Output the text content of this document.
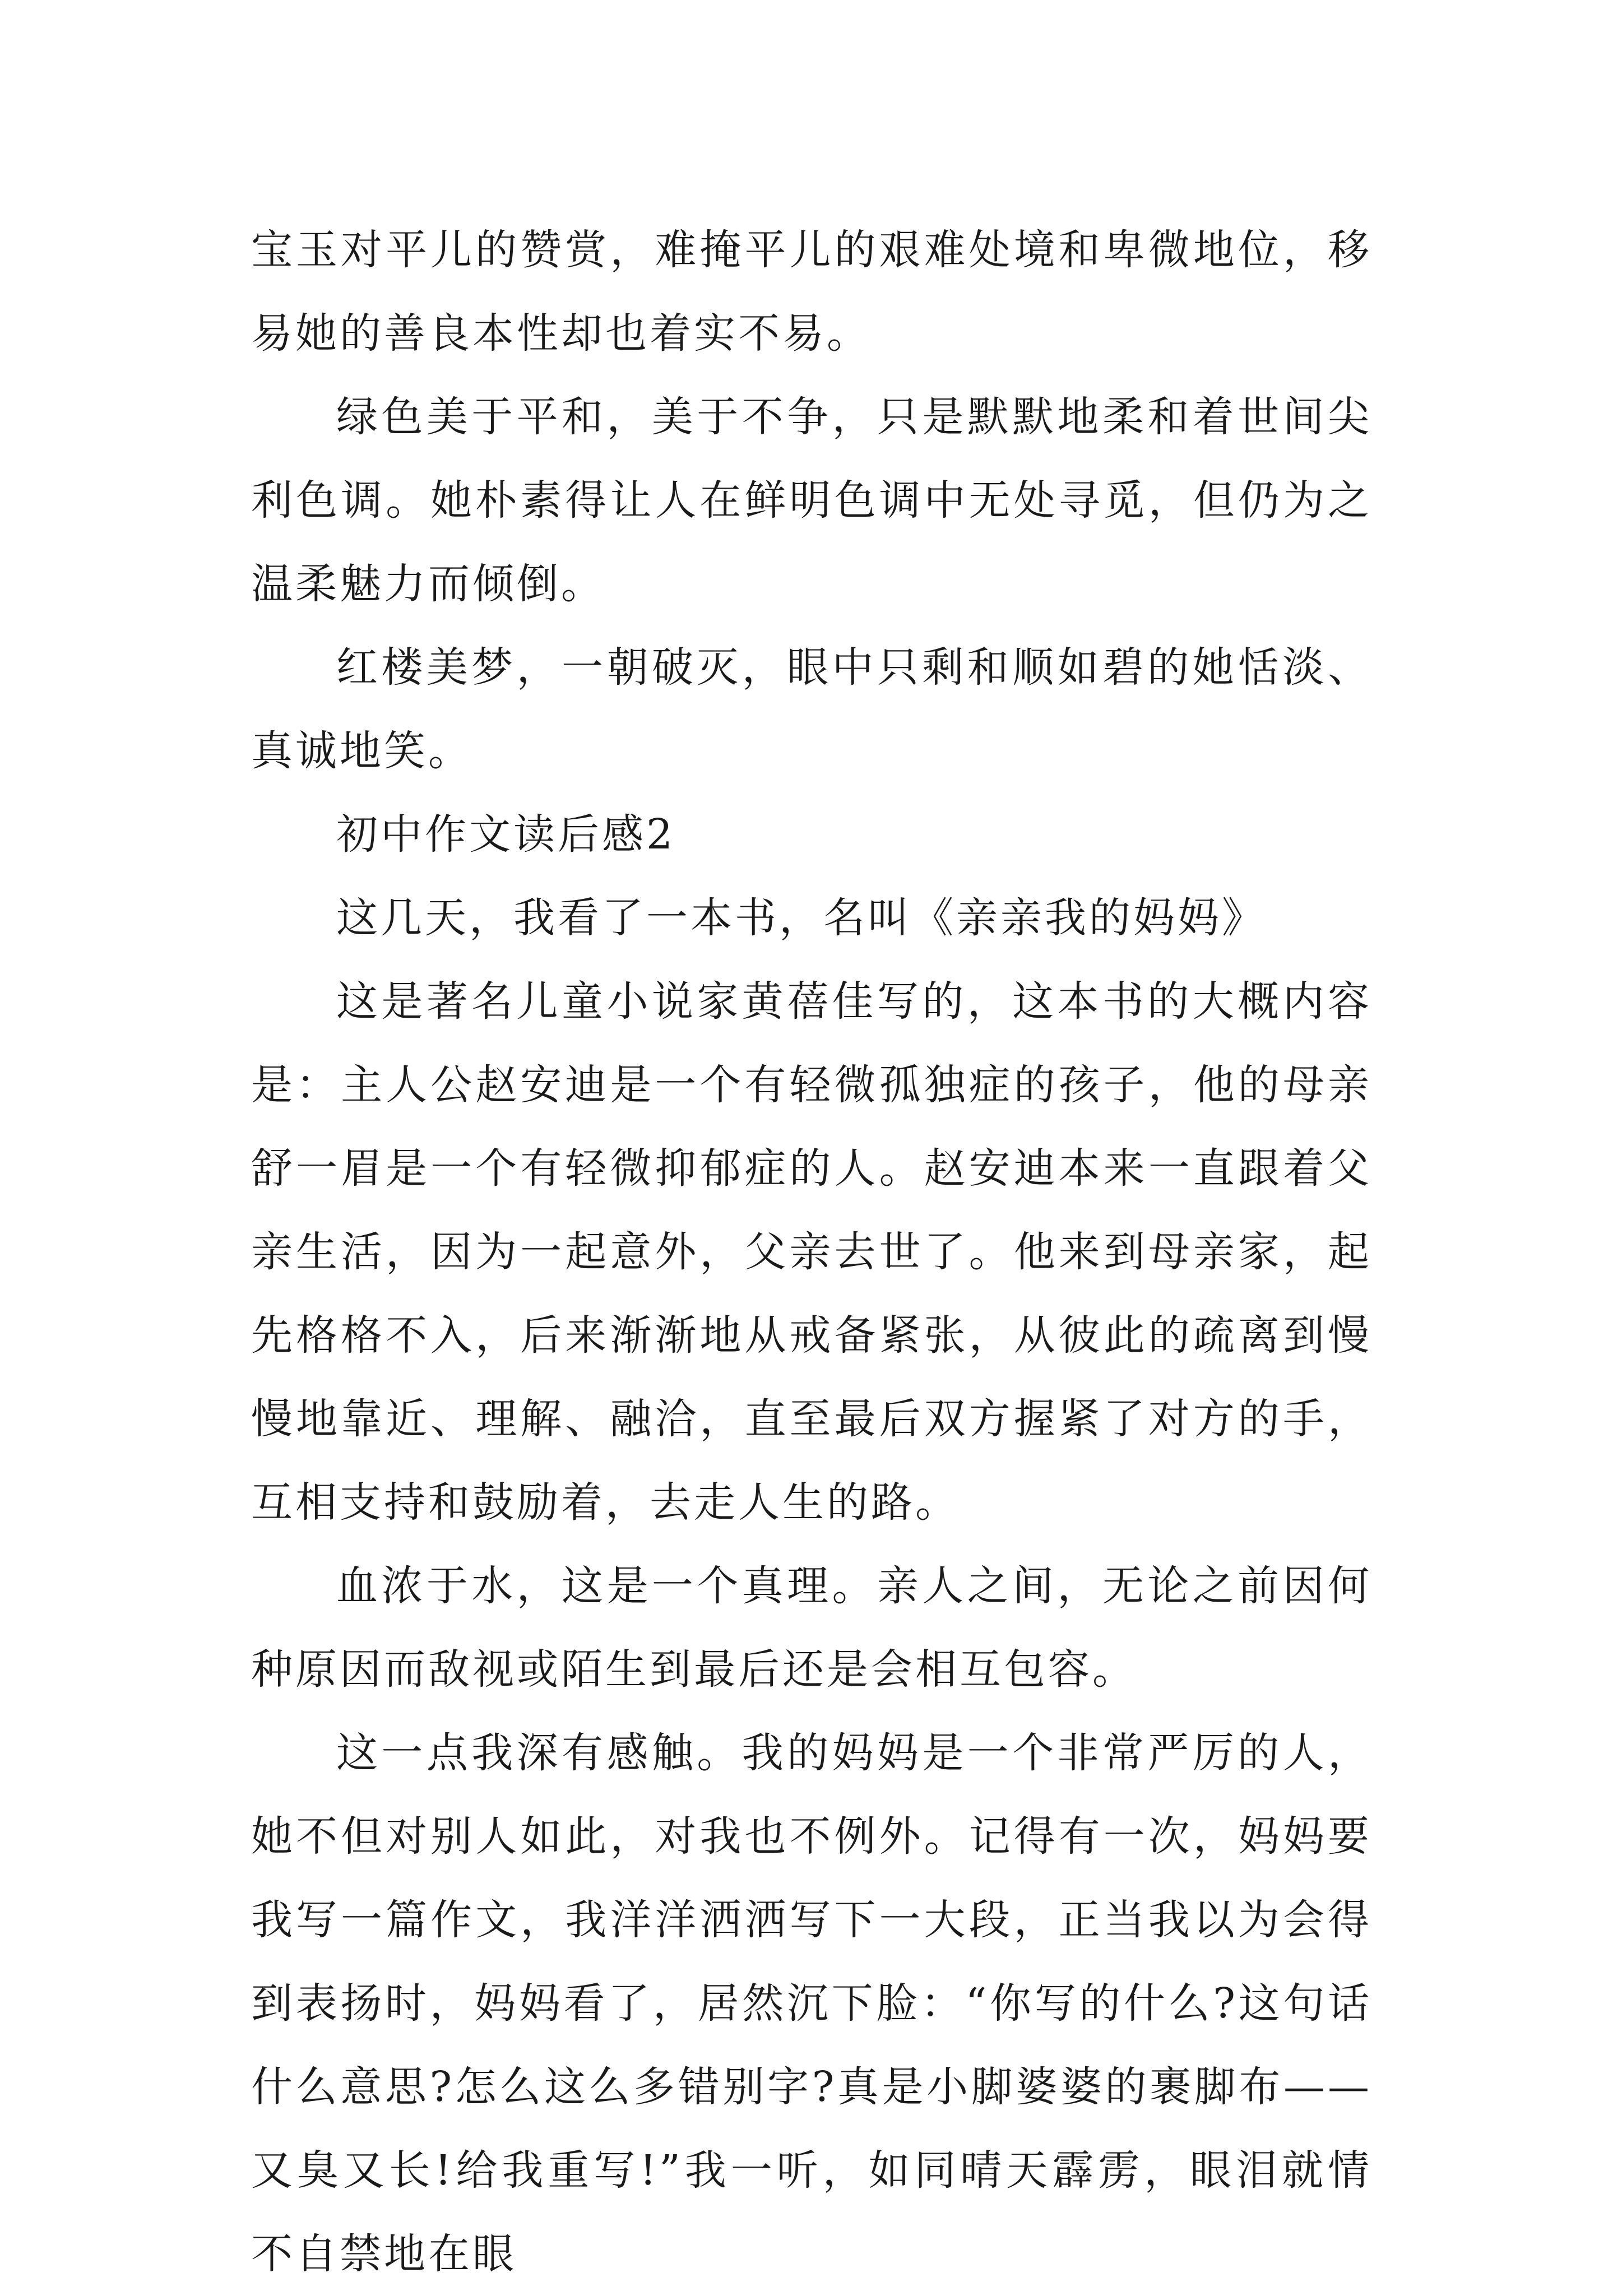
宝玉对平儿的赞赏，难掩平儿的艰难处境和卑微地位，移易她的善良本性却也着实不易。

绿色美于平和，美于不争，只是默默地柔和着世间尖利色调。她朴素得让人在鲜明色调中无处寻觅，但仍为之温柔魅力而倾倒。

红楼美梦，一朝破灭，眼中只剩和顺如碧的她恬淡、真诚地笑。

初中作文读后感2

这几天，我看了一本书，名叫《亲亲我的妈妈》

这是著名儿童小说家黄蓓佳写的，这本书的大概内容是：主人公赵安迪是一个有轻微孤独症的孩子，他的母亲舒一眉是一个有轻微抑郁症的人。赵安迪本来一直跟着父亲生活，因为一起意外，父亲去世了。他来到母亲家，起先格格不入，后来渐渐地从戒备紧张，从彼此的疏离到慢慢地靠近、理解、融洽，直至最后双方握紧了对方的手，互相支持和鼓励着，去走人生的路。

血浓于水，这是一个真理。亲人之间，无论之前因何种原因而敌视或陌生到最后还是会相互包容。

这一点我深有感触。我的妈妈是一个非常严厉的人，她不但对别人如此，对我也不例外。记得有一次，妈妈要我写一篇作文，我洋洋洒洒写下一大段，正当我以为会得到表扬时，妈妈看了，居然沉下脸：“你写的什么?这句话什么意思?怎么这么多错别字?真是小脚婆婆的裹脚布——又臭又长!给我重写!”我一听，如同晴天霹雳，眼泪就情不自禁地在眼
